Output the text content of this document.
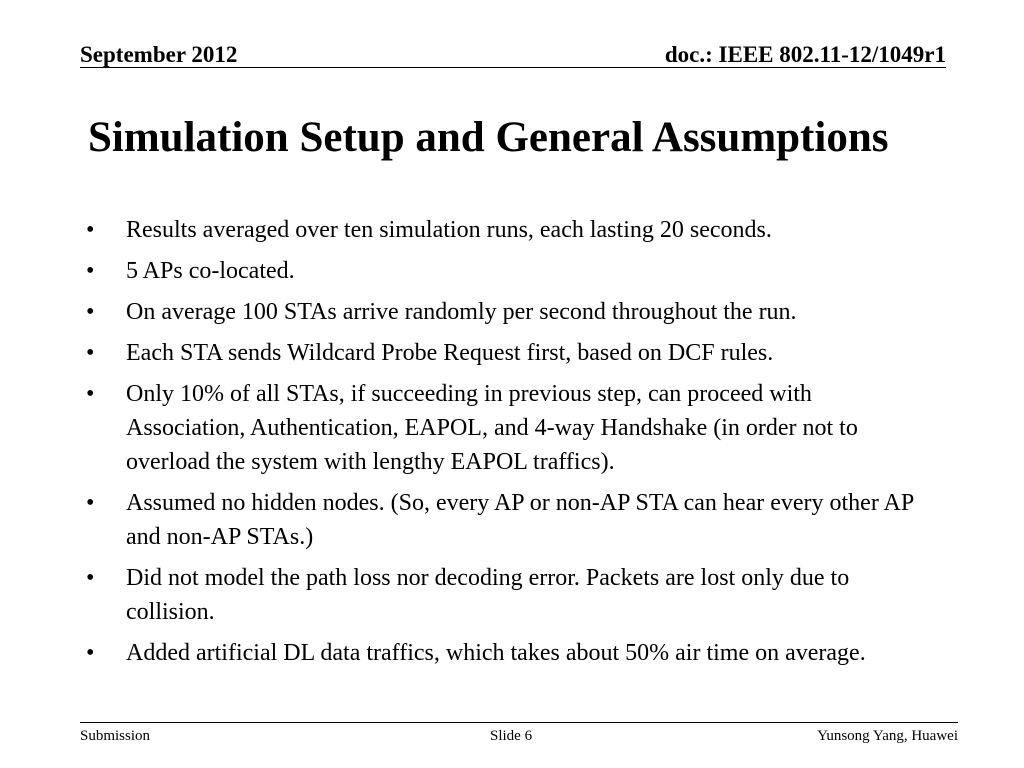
September 2012	doc.: IEEE 802.11-12/1049r1
Simulation Setup and General Assumptions
•	Results averaged over ten simulation runs, each lasting 20 seconds.
•	5 APs co-located.
•	On average 100 STAs arrive randomly per second throughout the run.
•	Each STA sends Wildcard Probe Request first, based on DCF rules.
•	Only 10% of all STAs, if succeeding in previous step, can proceed with Association, Authentication, EAPOL, and 4-way Handshake (in order not to overload the system with lengthy EAPOL traffics).
•	Assumed no hidden nodes. (So, every AP or non-AP STA can hear every other AP and non-AP STAs.)
•	Did not model the path loss nor decoding error. Packets are lost only due to collision.
•	Added artificial DL data traffics, which takes about 50% air time on average.
Submission	Slide 6	Yunsong Yang, Huawei
